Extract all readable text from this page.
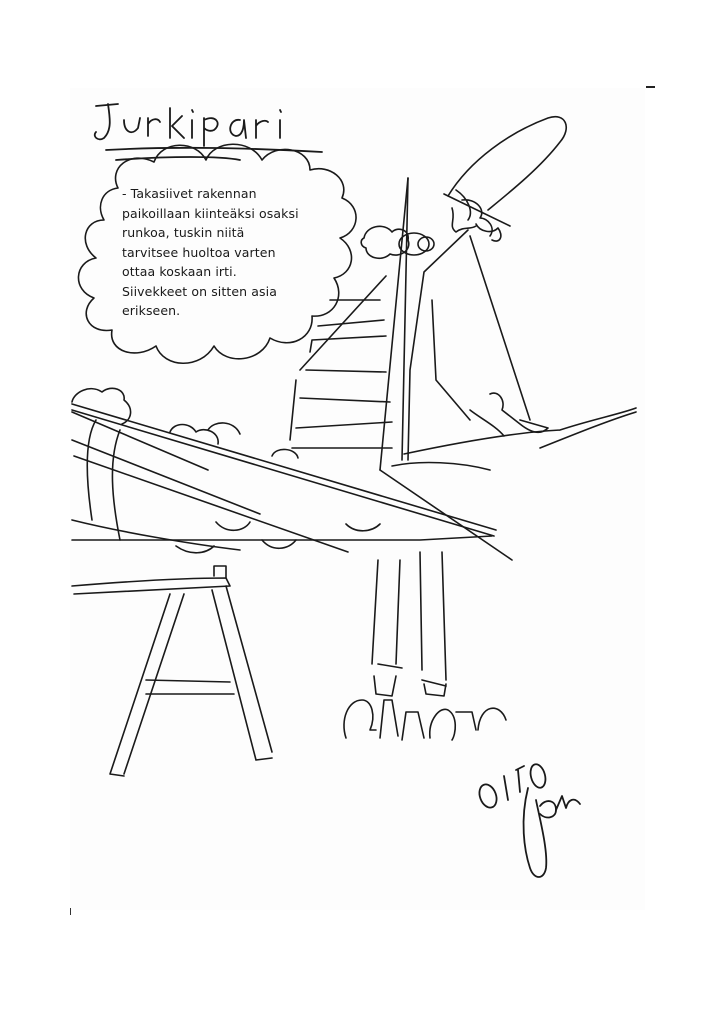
- Takasiivet rakennan
paikoillaan kiinteäksi osaksi
runkoa, tuskin niitä
tarvitsee huoltoa varten
ottaa koskaan irti.
Siivekkeet on sitten asia
erikseen.
